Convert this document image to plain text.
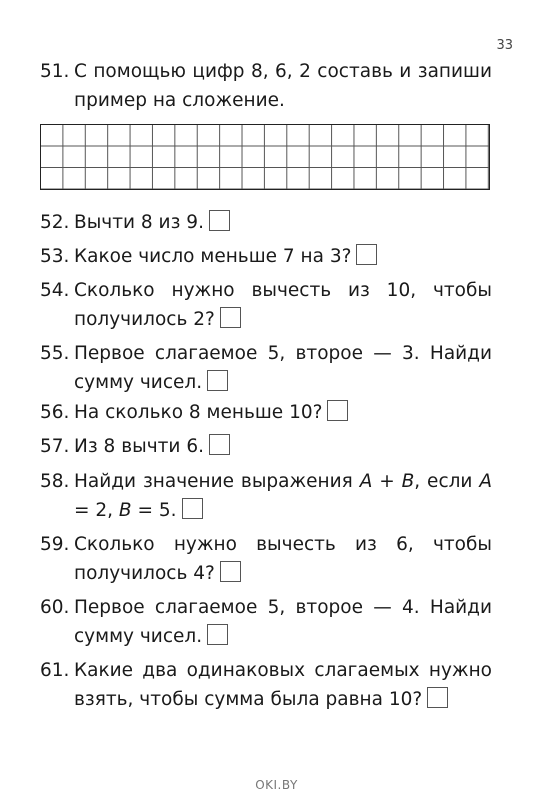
33
51. С помощью цифр 8, 6, 2 составь и запиши пример на сложение.
52. Вычти 8 из 9.
53. Какое число меньше 7 на 3?
54. Сколько нужно вычесть из 10, чтобы получилось 2?
55. Первое слагаемое 5, второе — 3. Найди сумму чисел.
56. На сколько 8 меньше 10?
57. Из 8 вычти 6.
58. Найди значение выражения A + B, если A = 2, B = 5.
59. Сколько нужно вычесть из 6, чтобы получилось 4?
60. Первое слагаемое 5, второе — 4. Найди сумму чисел.
61. Какие два одинаковых слагаемых нужно взять, чтобы сумма была равна 10?
OKI.BY
